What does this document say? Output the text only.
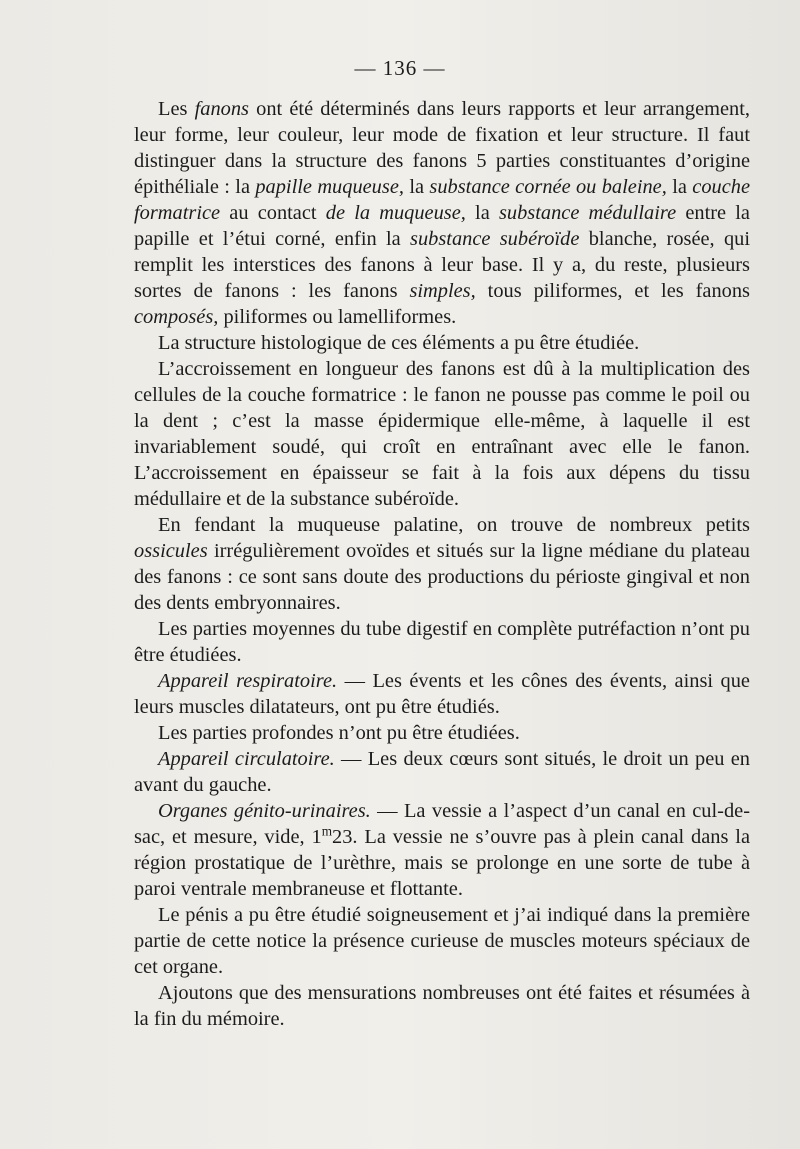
— 136 —

Les fanons ont été déterminés dans leurs rapports et leur arrangement, leur forme, leur couleur, leur mode de fixation et leur structure. Il faut distinguer dans la structure des fanons 5 parties constituantes d’origine épithéliale : la papille muqueuse, la substance cornée ou baleine, la couche formatrice au contact de la muqueuse, la substance médullaire entre la papille et l’étui corné, enfin la substance subéroïde blanche, rosée, qui remplit les interstices des fanons à leur base. Il y a, du reste, plusieurs sortes de fanons : les fanons simples, tous piliformes, et les fanons composés, piliformes ou lamelliformes.

La structure histologique de ces éléments a pu être étudiée.

L’accroissement en longueur des fanons est dû à la multiplication des cellules de la couche formatrice : le fanon ne pousse pas comme le poil ou la dent ; c’est la masse épidermique elle-même, à laquelle il est invariablement soudé, qui croît en entraînant avec elle le fanon. L’accroissement en épaisseur se fait à la fois aux dépens du tissu médullaire et de la substance subéroïde.

En fendant la muqueuse palatine, on trouve de nombreux petits ossicules irrégulièrement ovoïdes et situés sur la ligne médiane du plateau des fanons : ce sont sans doute des productions du périoste gingival et non des dents embryonnaires.

Les parties moyennes du tube digestif en complète putréfaction n’ont pu être étudiées.

Appareil respiratoire. — Les évents et les cônes des évents, ainsi que leurs muscles dilatateurs, ont pu être étudiés.

Les parties profondes n’ont pu être étudiées.

Appareil circulatoire. — Les deux cœurs sont situés, le droit un peu en avant du gauche.

Organes génito-urinaires. — La vessie a l’aspect d’un canal en cul-de-sac, et mesure, vide, 1$^m$23. La vessie ne s’ouvre pas à plein canal dans la région prostatique de l’urèthre, mais se prolonge en une sorte de tube à paroi ventrale membraneuse et flottante.

Le pénis a pu être étudié soigneusement et j’ai indiqué dans la première partie de cette notice la présence curieuse de muscles moteurs spéciaux de cet organe.

Ajoutons que des mensurations nombreuses ont été faites et résumées à la fin du mémoire.
